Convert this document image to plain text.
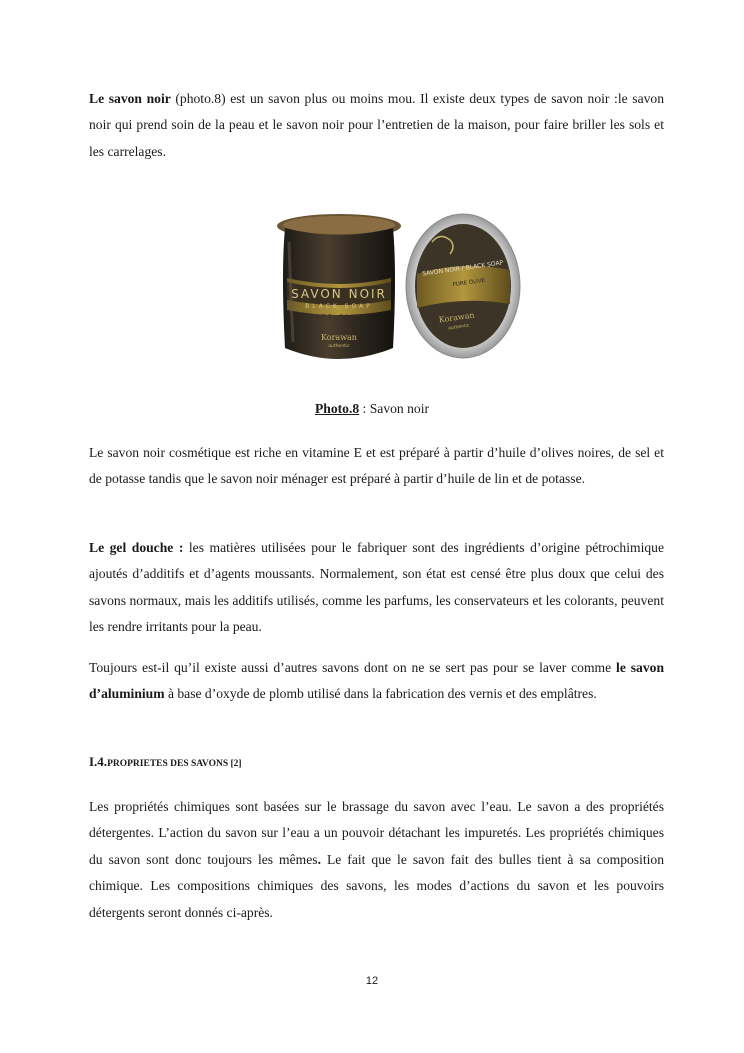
Le savon noir (photo.8) est un savon plus ou moins mou. Il existe deux types de savon noir :le savon noir qui prend soin de la peau et le savon noir pour l’entretien de la maison, pour faire briller les sols et les carrelages.

SAVON NOIR / BLACK SOAP
PURE OLIVE
Korawan
authentic
SAVON NOIR
BLACK SOAP
PURE OLIVE
Korawan
authentic
Photo.8 : Savon noir

Le savon noir cosmétique est riche en vitamine E et est préparé à partir d’huile d’olives noires, de sel et de potasse tandis que le savon noir ménager est préparé à partir d’huile de lin et de potasse.

Le gel douche : les matières utilisées pour le fabriquer sont des ingrédients d’origine pétrochimique ajoutés d’additifs et d’agents moussants. Normalement, son état est censé être plus doux que celui des savons normaux, mais les additifs utilisés, comme les parfums, les conservateurs et les colorants, peuvent les rendre irritants pour la peau.

Toujours est-il qu’il existe aussi d’autres savons dont on ne se sert pas pour se laver comme le savon d’aluminium à base d’oxyde de plomb utilisé dans la fabrication des vernis et des emplâtres.

I.4.PROPRIETES DES SAVONS [2]

Les propriétés chimiques sont basées sur le brassage du savon avec l’eau. Le savon a des propriétés détergentes. L’action du savon sur l’eau a un pouvoir détachant les impuretés. Les propriétés chimiques du savon sont donc toujours les mêmes. Le fait que le savon fait des bulles tient à sa composition chimique. Les compositions chimiques des savons, les modes d’actions du savon et les pouvoirs détergents seront donnés ci-après.

12
